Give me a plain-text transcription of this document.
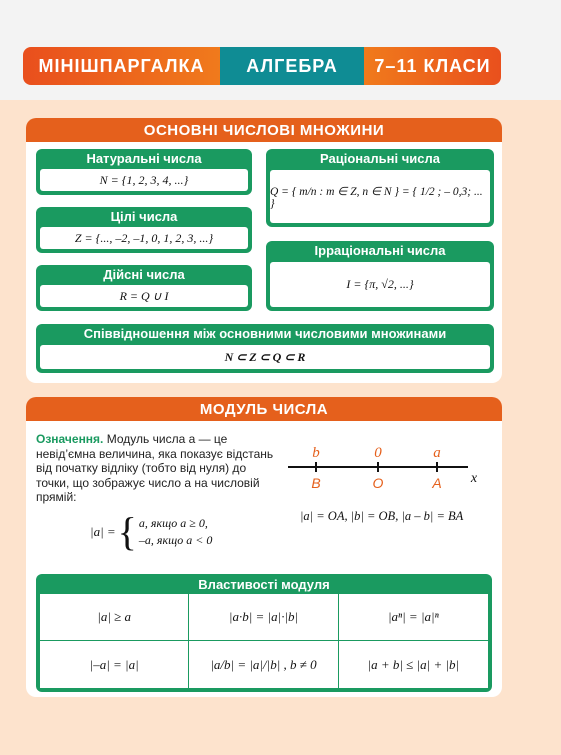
МІНІШПАРГАЛКА	АЛГЕБРА	7–11 КЛАСИ
ОСНОВНІ ЧИСЛОВІ МНОЖИНИ
Натуральні числа
N = {1, 2, 3, 4, ...}
Цілі числа
Z = {..., –2, –1, 0, 1, 2, 3, ...}
Дійсні числа
R = Q ∪ I
Раціональні числа
Q = { m/n : m ∈ Z, n ∈ N } = { 1/2 ; – 0,3; ... }
Ірраціональні числа
I = {π, √2, ...}
Співвідношення між основними числовими множинами
N ⊂ Z ⊂ Q ⊂ R
МОДУЛЬ ЧИСЛА
Означення. Модуль числа a — це невід’ємна величина, яка показує відстань від початку відліку (тобто від нуля) до точки, що зображує число a на числовій прямій:
|a| = { a, якщо a ≥ 0,
–a, якщо a < 0
b	0	a
B	O	A x
|a| = OA, |b| = OB, |a – b| = BA
Властивості модуля
|a| ≥ a	|a·b| = |a|·|b|	|aⁿ| = |a|ⁿ
|–a| = |a|	|a/b| = |a|/|b| , b ≠ 0	|a + b| ≤ |a| + |b|
